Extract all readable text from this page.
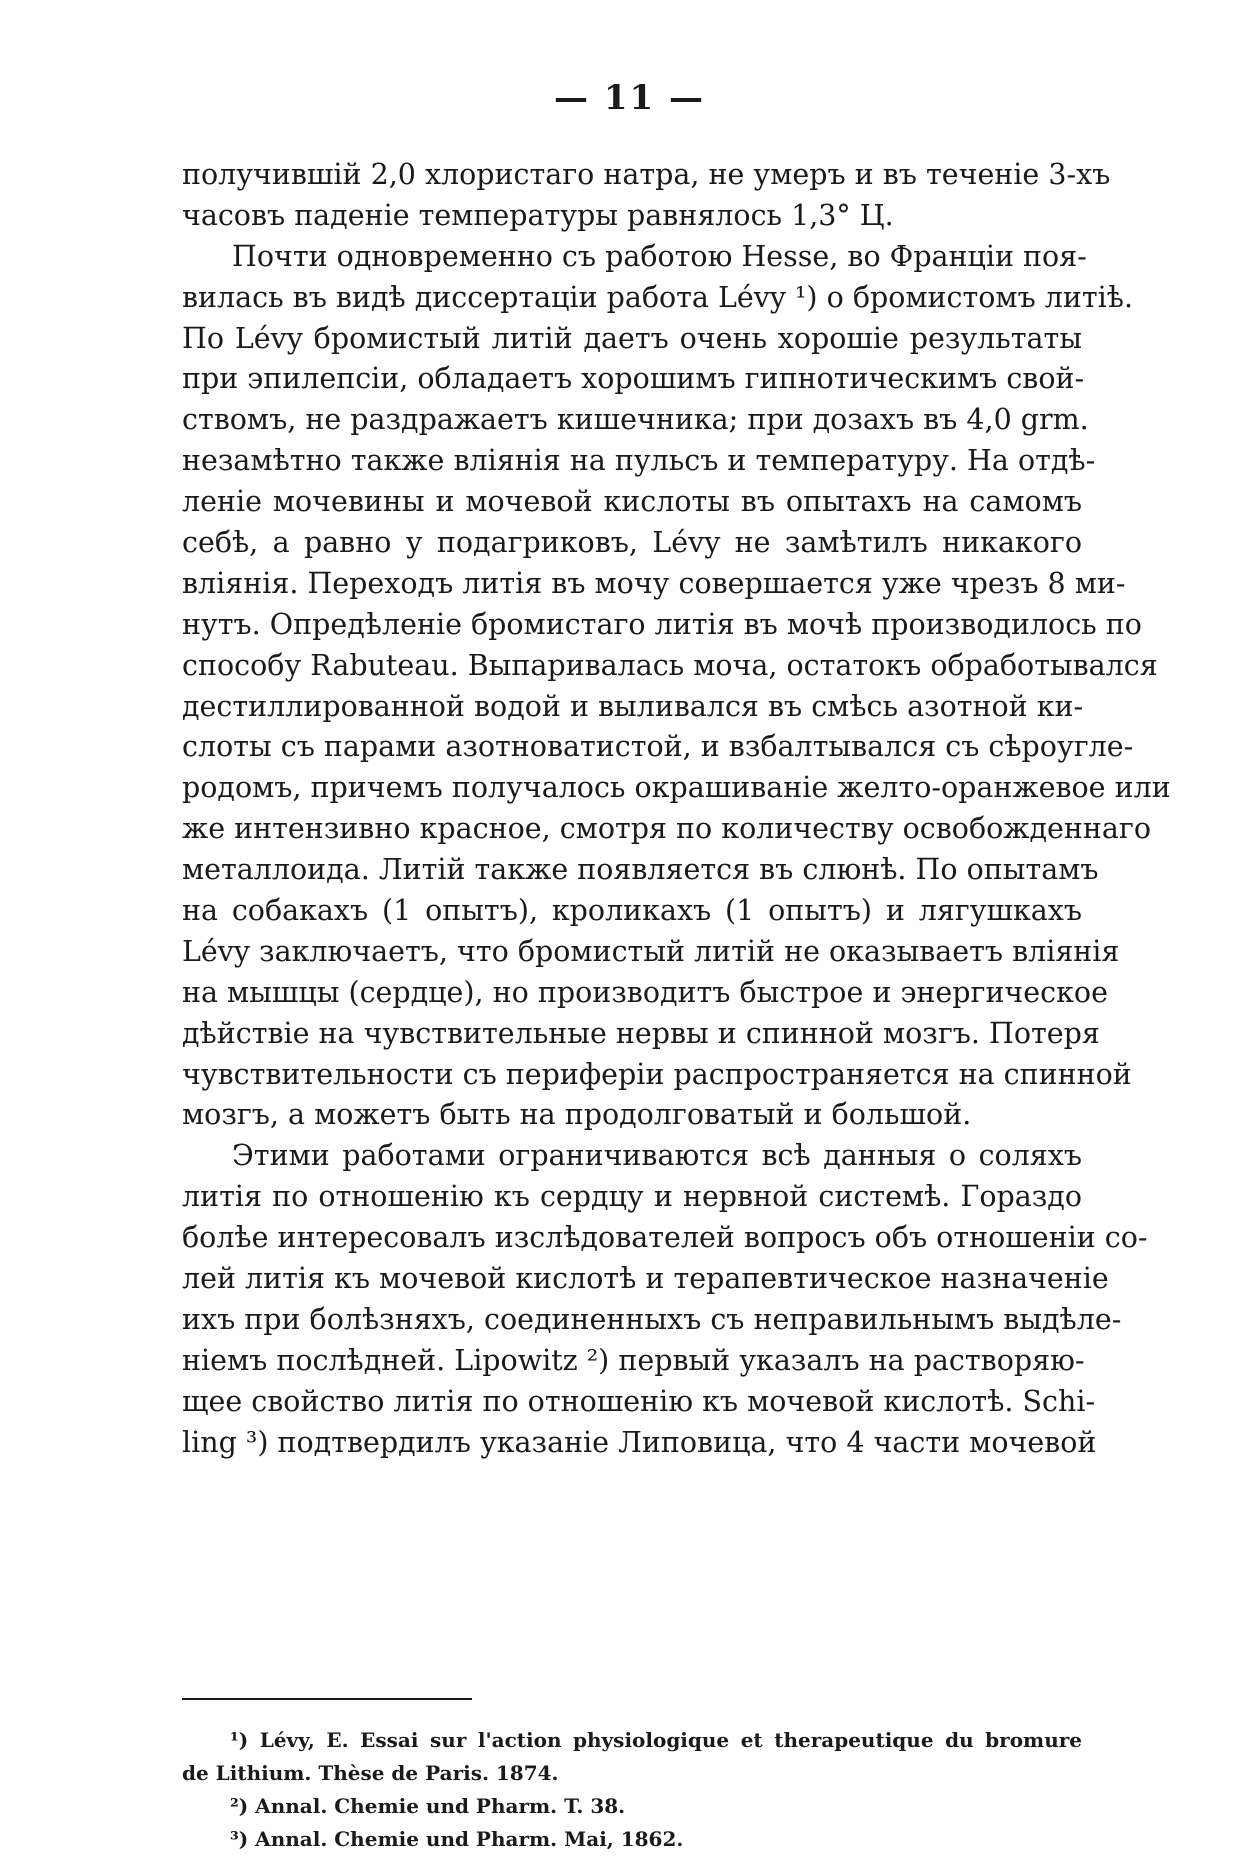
— 11 —
получившій 2,0 хлористаго натра, не умеръ и въ теченіе 3-хъ
часовъ паденіе температуры равнялось 1,3° Ц.
Почти одновременно съ работою Hesse, во Франціи поя-
вилась въ видѣ диссертаціи работа Lévy ¹) о бромистомъ литіѣ.
По Lévy бромистый литій даетъ очень хорошіе результаты
при эпилепсіи, обладаетъ хорошимъ гипнотическимъ свой-
ствомъ, не раздражаетъ кишечника; при дозахъ въ 4,0 grm.
незамѣтно также вліянія на пульсъ и температуру. На отдѣ-
леніе мочевины и мочевой кислоты въ опытахъ на самомъ
себѣ, а равно у подагриковъ, Lévy не замѣтилъ никакого
вліянія. Переходъ литія въ мочу совершается уже чрезъ 8 ми-
нутъ. Опредѣленіе бромистаго литія въ мочѣ производилось по
способу Rabuteau. Выпаривалась моча, остатокъ обработывался
дестиллированной водой и выливался въ смѣсь азотной ки-
слоты съ парами азотноватистой, и взбалтывался съ сѣроугле-
родомъ, причемъ получалось окрашиваніе желто-оранжевое или
же интензивно красное, смотря по количеству освобожденнаго
металлоида. Литій также появляется въ слюнѣ. По опытамъ
на собакахъ (1 опытъ), кроликахъ (1 опытъ) и лягушкахъ
Lévy заключаетъ, что бромистый литій не оказываетъ вліянія
на мышцы (сердце), но производитъ быстрое и энергическое
дѣйствіе на чувствительные нервы и спинной мозгъ. Потеря
чувствительности съ периферіи распространяется на спинной
мозгъ, а можетъ быть на продолговатый и большой.
Этими работами ограничиваются всѣ данныя о соляхъ
литія по отношенію къ сердцу и нервной системѣ. Гораздо
болѣе интересовалъ изслѣдователей вопросъ объ отношеніи со-
лей литія къ мочевой кислотѣ и терапевтическое назначеніе
ихъ при болѣзняхъ, соединенныхъ съ неправильнымъ выдѣле-
ніемъ послѣдней. Lipowitz ²) первый указалъ на растворяю-
щее свойство литія по отношенію къ мочевой кислотѣ. Schi-
ling ³) подтвердилъ указаніе Липовица, что 4 части мочевой
¹) Lévy, E. Essai sur l'action physiologique et therapeutique du bromure
de Lithium. Thèse de Paris. 1874.
²) Annal. Chemie und Pharm. T. 38.
³) Annal. Chemie und Pharm. Mai, 1862.
